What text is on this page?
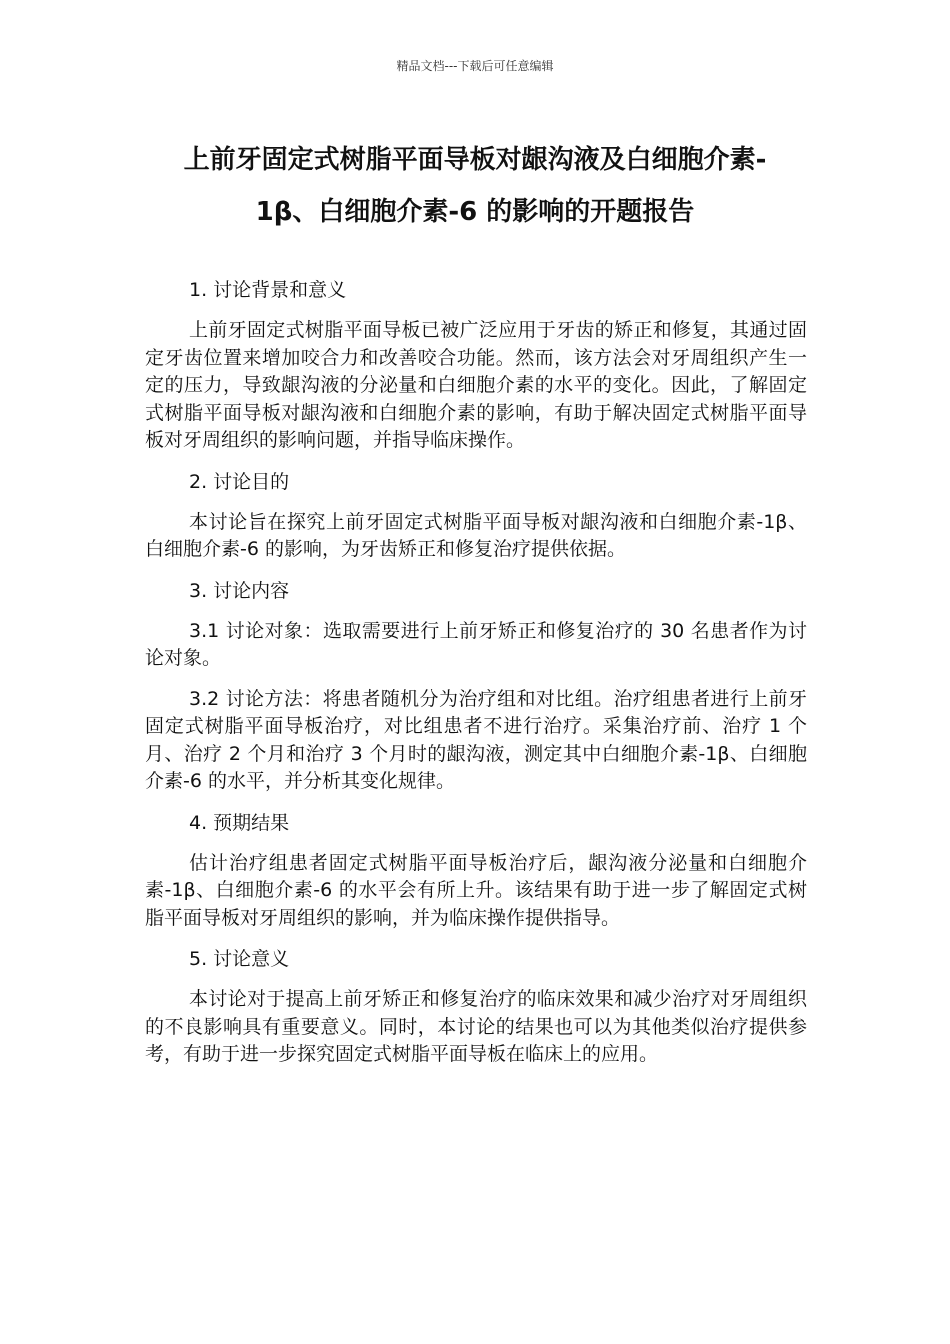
精品文档---下载后可任意编辑
上前牙固定式树脂平面导板对龈沟液及白细胞介素-
1β、白细胞介素-6 的影响的开题报告
1. 讨论背景和意义

上前牙固定式树脂平面导板已被广泛应用于牙齿的矫正和修复，其通过固定牙齿位置来增加咬合力和改善咬合功能。然而，该方法会对牙周组织产生一定的压力，导致龈沟液的分泌量和白细胞介素的水平的变化。因此，了解固定式树脂平面导板对龈沟液和白细胞介素的影响，有助于解决固定式树脂平面导板对牙周组织的影响问题，并指导临床操作。

2. 讨论目的

本讨论旨在探究上前牙固定式树脂平面导板对龈沟液和白细胞介素-1β、白细胞介素-6 的影响，为牙齿矫正和修复治疗提供依据。

3. 讨论内容

3.1 讨论对象：选取需要进行上前牙矫正和修复治疗的 30 名患者作为讨论对象。

3.2 讨论方法：将患者随机分为治疗组和对比组。治疗组患者进行上前牙固定式树脂平面导板治疗，对比组患者不进行治疗。采集治疗前、治疗 1 个月、治疗 2 个月和治疗 3 个月时的龈沟液，测定其中白细胞介素-1β、白细胞介素-6 的水平，并分析其变化规律。

4. 预期结果

估计治疗组患者固定式树脂平面导板治疗后，龈沟液分泌量和白细胞介素-1β、白细胞介素-6 的水平会有所上升。该结果有助于进一步了解固定式树脂平面导板对牙周组织的影响，并为临床操作提供指导。

5. 讨论意义

本讨论对于提高上前牙矫正和修复治疗的临床效果和减少治疗对牙周组织的不良影响具有重要意义。同时，本讨论的结果也可以为其他类似治疗提供参考，有助于进一步探究固定式树脂平面导板在临床上的应用。
